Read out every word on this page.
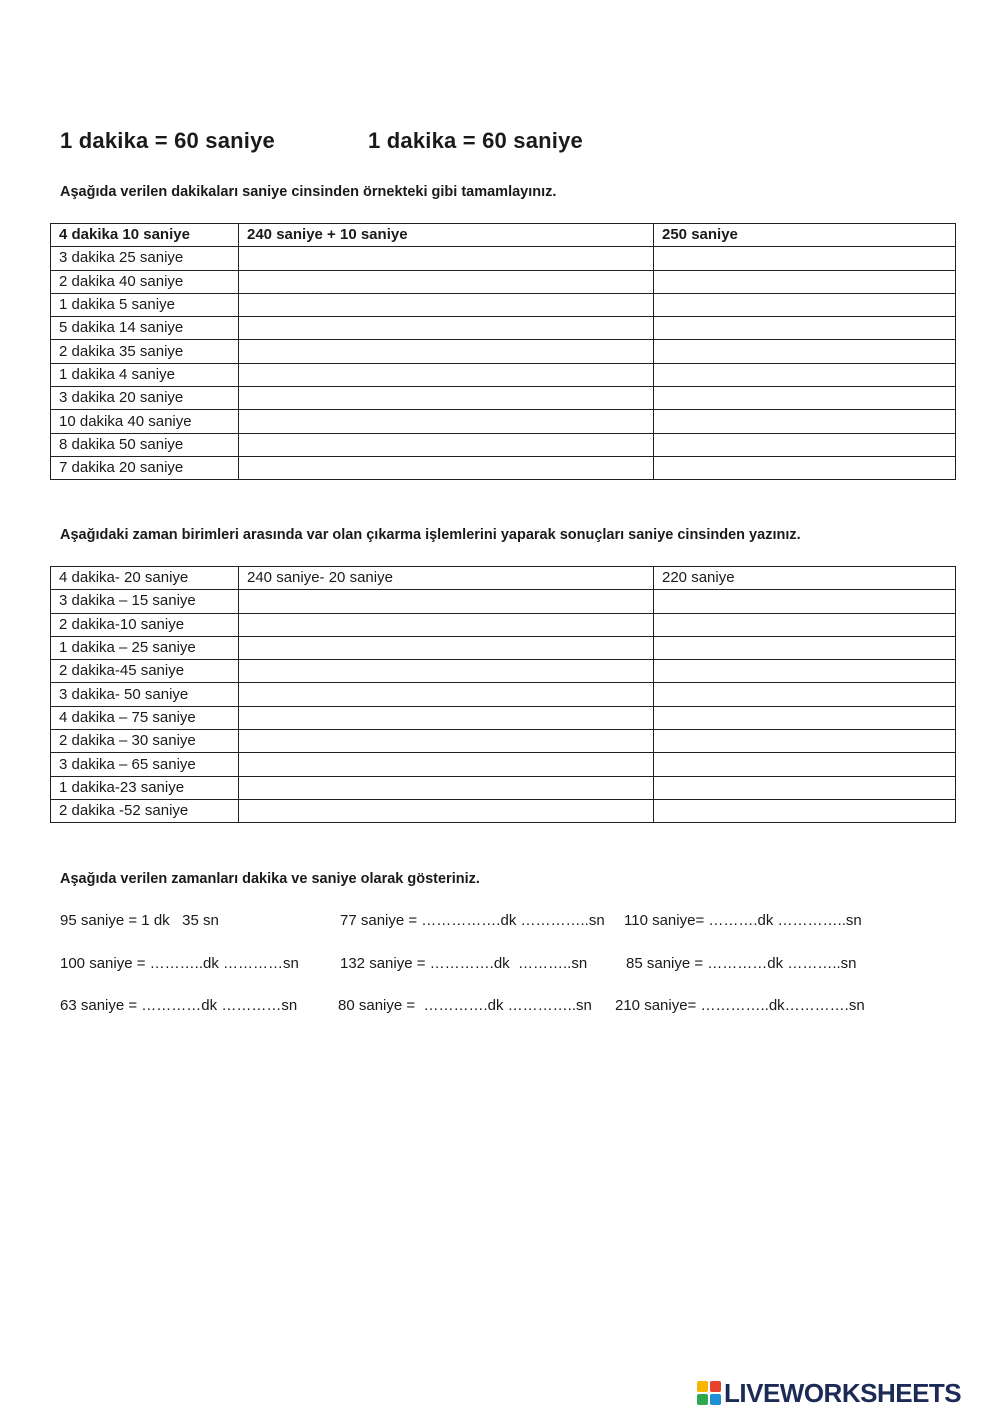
1 dakika = 60 saniye	1 dakika = 60 saniye
Aşağıda verilen dakikaları saniye cinsinden örnekteki gibi tamamlayınız.
4 dakika 10 saniye	240 saniye + 10 saniye	250 saniye
3 dakika 25 saniye		
2 dakika 40 saniye		
1 dakika 5 saniye		
5 dakika 14 saniye		
2 dakika 35 saniye		
1 dakika 4 saniye		
3 dakika 20 saniye		
10 dakika 40 saniye		
8 dakika 50 saniye		
7 dakika 20 saniye		
Aşağıdaki zaman birimleri arasında var olan çıkarma işlemlerini yaparak sonuçları saniye cinsinden yazınız.
4 dakika- 20 saniye	240 saniye- 20 saniye	220 saniye
3 dakika – 15 saniye		
2 dakika-10 saniye		
1 dakika – 25 saniye		
2 dakika-45 saniye		
3 dakika- 50 saniye		
4 dakika – 75 saniye		
2 dakika – 30 saniye		
3 dakika – 65 saniye		
1 dakika-23 saniye		
2 dakika -52 saniye		
Aşağıda verilen zamanları dakika ve saniye olarak gösteriniz.
95 saniye = 1 dk   35 sn	77 saniye = …………….dk …………..sn 110 saniye= ……….dk …………..sn
100 saniye = ………..dk …………sn	132 saniye = ………….dk  ………..sn	85 saniye = …………dk ………..sn
63 saniye = …………dk …………sn	80 saniye =  ………….dk …………..sn 210 saniye= …………..dk………….sn
LIVEWORKSHEETS
